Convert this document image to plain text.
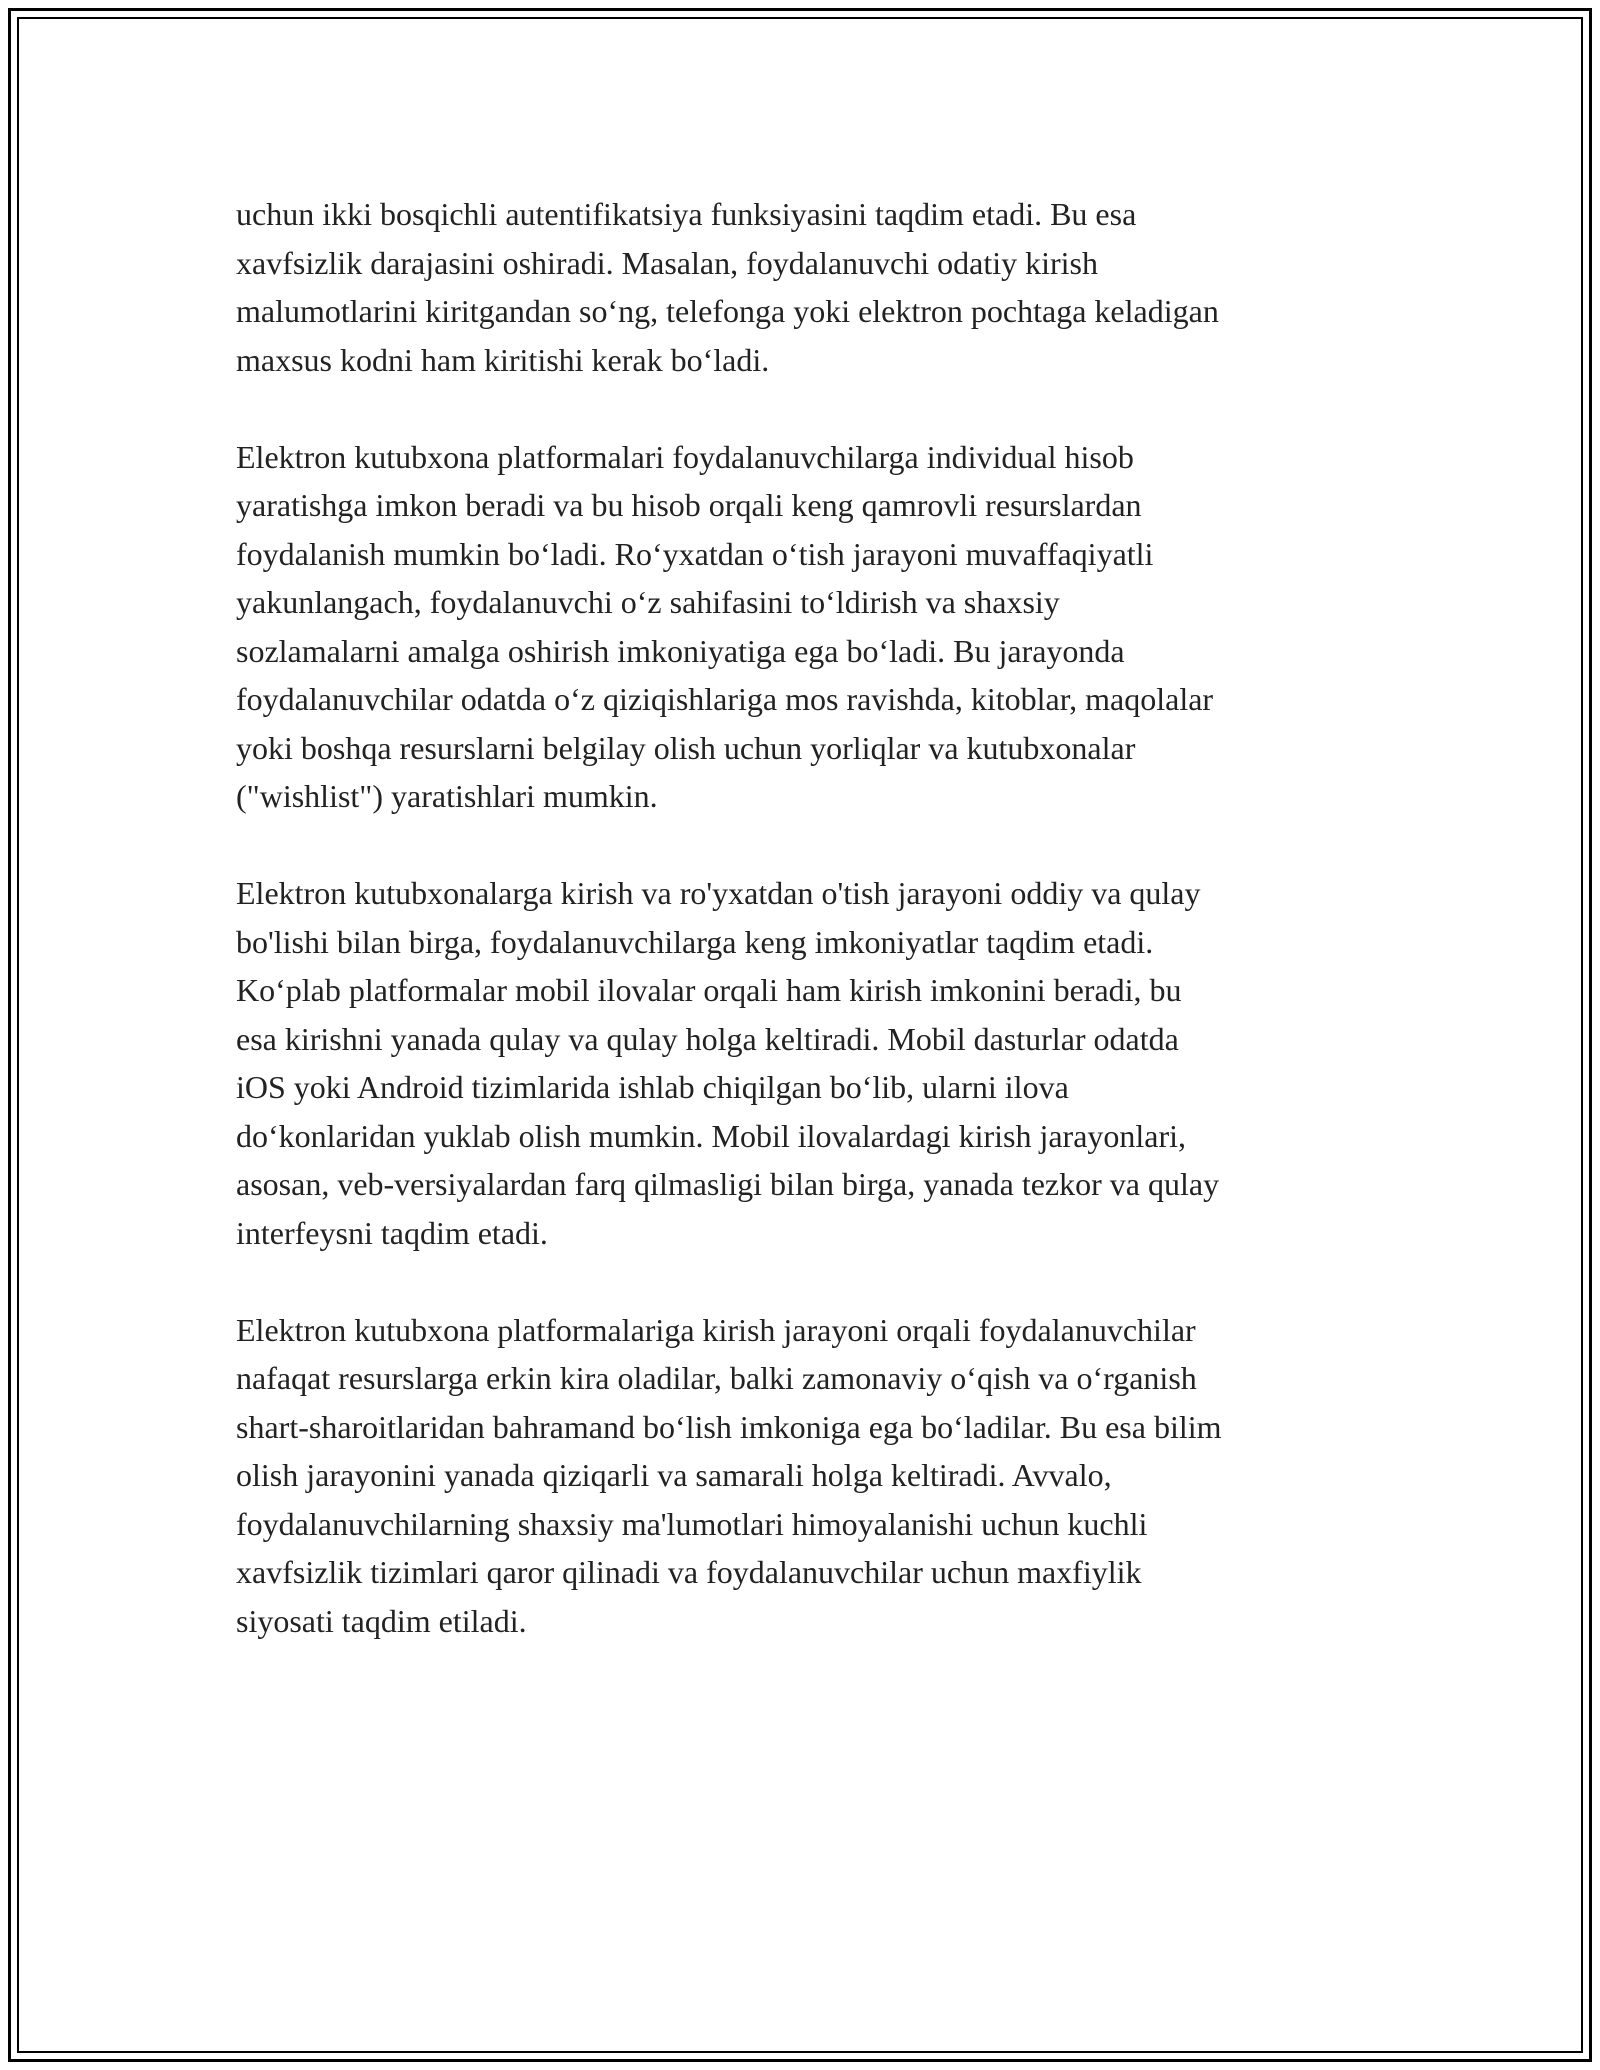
uchun ikki bosqichli autentifikatsiya funksiyasini taqdim etadi. Bu esa
xavfsizlik darajasini oshiradi. Masalan, foydalanuvchi odatiy kirish
malumotlarini kiritgandan so‘ng, telefonga yoki elektron pochtaga keladigan
maxsus kodni ham kiritishi kerak bo‘ladi.

Elektron kutubxona platformalari foydalanuvchilarga individual hisob
yaratishga imkon beradi va bu hisob orqali keng qamrovli resurslardan
foydalanish mumkin bo‘ladi. Ro‘yxatdan o‘tish jarayoni muvaffaqiyatli
yakunlangach, foydalanuvchi o‘z sahifasini to‘ldirish va shaxsiy
sozlamalarni amalga oshirish imkoniyatiga ega bo‘ladi. Bu jarayonda
foydalanuvchilar odatda o‘z qiziqishlariga mos ravishda, kitoblar, maqolalar
yoki boshqa resurslarni belgilay olish uchun yorliqlar va kutubxonalar
("wishlist") yaratishlari mumkin.

Elektron kutubxonalarga kirish va ro'yxatdan o'tish jarayoni oddiy va qulay
bo'lishi bilan birga, foydalanuvchilarga keng imkoniyatlar taqdim etadi.
Ko‘plab platformalar mobil ilovalar orqali ham kirish imkonini beradi, bu
esa kirishni yanada qulay va qulay holga keltiradi. Mobil dasturlar odatda
iOS yoki Android tizimlarida ishlab chiqilgan bo‘lib, ularni ilova
do‘konlaridan yuklab olish mumkin. Mobil ilovalardagi kirish jarayonlari,
asosan, veb-versiyalardan farq qilmasligi bilan birga, yanada tezkor va qulay
interfeysni taqdim etadi.

Elektron kutubxona platformalariga kirish jarayoni orqali foydalanuvchilar
nafaqat resurslarga erkin kira oladilar, balki zamonaviy o‘qish va o‘rganish
shart-sharoitlaridan bahramand bo‘lish imkoniga ega bo‘ladilar. Bu esa bilim
olish jarayonini yanada qiziqarli va samarali holga keltiradi. Avvalo,
foydalanuvchilarning shaxsiy ma'lumotlari himoyalanishi uchun kuchli
xavfsizlik tizimlari qaror qilinadi va foydalanuvchilar uchun maxfiylik
siyosati taqdim etiladi.
